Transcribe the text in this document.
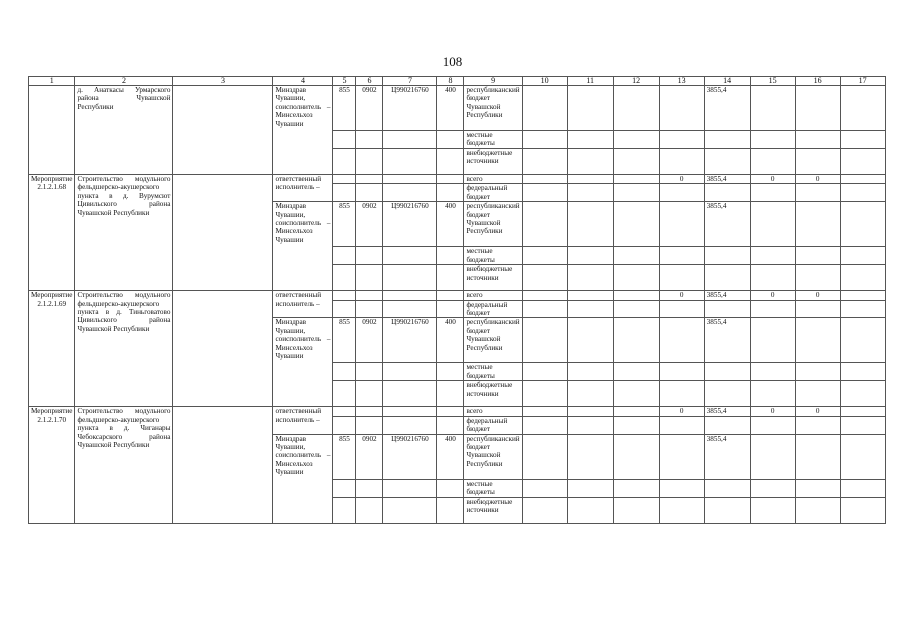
108
1	2	3	4	5	6	7	8	9	10	11	12	13	14	15	16	17
	д. Анаткасы Урмарского района Чувашской Республики		Минздрав Чувашии, соисполнитель – Минсельхоз Чувашии	855	0902	Ц990216760	400	республиканский бюджет Чувашской Республики					3855,4			
								местные бюджеты								
								внебюджетные источники								
Мероприятие 2.1.2.1.68	Строительство модульного фельдшерско-акушерского пункта в д. Вурумсют Цивильского района Чувашской Республики		ответственный исполнитель –					всего				0	3855,4	0	0	
								федеральный бюджет								
			Минздрав Чувашии, соисполнитель – Минсельхоз Чувашии	855	0902	Ц990216760	400	республиканский бюджет Чувашской Республики					3855,4			
								местные бюджеты								
								внебюджетные источники								
Мероприятие 2.1.2.1.69	Строительство модульного фельдшерско-акушерского пункта в д. Тиньговатово Цивильского района Чувашской Республики		ответственный исполнитель –					всего				0	3855,4	0	0	
								федеральный бюджет								
			Минздрав Чувашии, соисполнитель – Минсельхоз Чувашии	855	0902	Ц990216760	400	республиканский бюджет Чувашской Республики					3855,4			
								местные бюджеты								
								внебюджетные источники								
Мероприятие 2.1.2.1.70	Строительство модульного фельдшерско-акушерского пункта в д. Чиганары Чебоксарского района Чувашской Республики		ответственный исполнитель –					всего				0	3855,4	0	0	
								федеральный бюджет								
			Минздрав Чувашии, соисполнитель – Минсельхоз Чувашии	855	0902	Ц990216760	400	республиканский бюджет Чувашской Республики					3855,4			
								местные бюджеты								
								внебюджетные источники								
